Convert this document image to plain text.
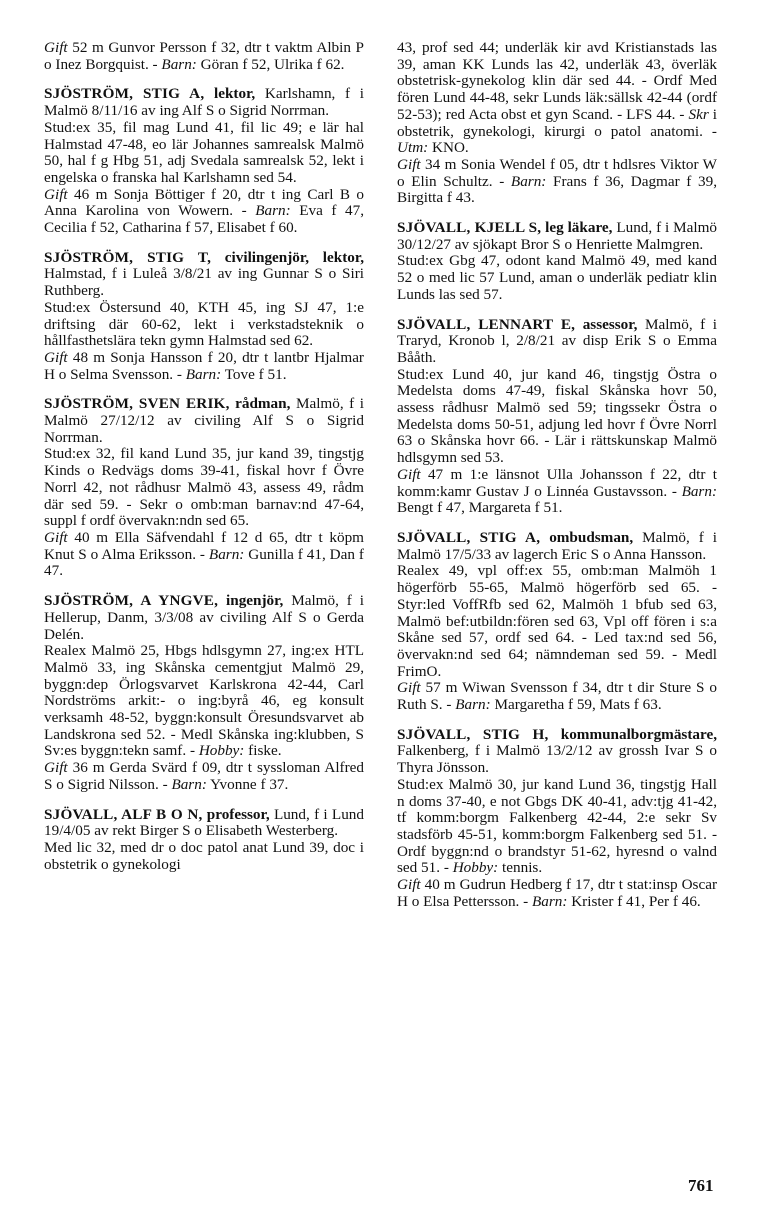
Gift 52 m Gunvor Persson f 32, dtr t vaktm Albin P o Inez Borgquist. - Barn: Göran f 52, Ulrika f 62.

SJÖSTRÖM, STIG A, lektor, Karlshamn, f i Malmö 8/11/16 av ing Alf S o Sigrid Norrman.

Stud:ex 35, fil mag Lund 41, fil lic 49; e lär hal Halmstad 47-48, eo lär Johannes samrealsk Malmö 50, hal f g Hbg 51, adj Svedala samrealsk 52, lekt i engelska o franska hal Karlshamn sed 54.

Gift 46 m Sonja Böttiger f 20, dtr t ing Carl B o Anna Karolina von Wowern. - Barn: Eva f 47, Cecilia f 52, Catharina f 57, Elisabet f 60.

SJÖSTRÖM, STIG T, civilingenjör, lektor, Halmstad, f i Luleå 3/8/21 av ing Gunnar S o Siri Ruthberg.

Stud:ex Östersund 40, KTH 45, ing SJ 47, 1:e driftsing där 60-62, lekt i verkstadsteknik o hållfasthetslära tekn gymn Halmstad sed 62.

Gift 48 m Sonja Hansson f 20, dtr t lantbr Hjalmar H o Selma Svensson. - Barn: Tove f 51.

SJÖSTRÖM, SVEN ERIK, rådman, Malmö, f i Malmö 27/12/12 av civiling Alf S o Sigrid Norrman.

Stud:ex 32, fil kand Lund 35, jur kand 39, tingstjg Kinds o Redvägs doms 39-41, fiskal hovr f Övre Norrl 42, not rådhusr Malmö 43, assess 49, rådm där sed 59. - Sekr o omb:man barnav:nd 47-64, suppl f ordf övervakn:ndn sed 65.

Gift 40 m Ella Säfvendahl f 12 d 65, dtr t köpm Knut S o Alma Eriksson. - Barn: Gunilla f 41, Dan f 47.

SJÖSTRÖM, A YNGVE, ingenjör, Malmö, f i Hellerup, Danm, 3/3/08 av civiling Alf S o Gerda Delén.

Realex Malmö 25, Hbgs hdlsgymn 27, ing:ex HTL Malmö 33, ing Skånska cementgjut Malmö 29, byggn:dep Örlogsvarvet Karlskrona 42-44, Carl Nordströms arkit:- o ing:byrå 46, eg konsult verksamh 48-52, byggn:konsult Öresundsvarvet ab Landskrona sed 52. - Medl Skånska ing:klubben, S Sv:es byggn:tekn samf. - Hobby: fiske.

Gift 36 m Gerda Svärd f 09, dtr t syssloman Alfred S o Sigrid Nilsson. - Barn: Yvonne f 37.

SJÖVALL, ALF B O N, professor, Lund, f i Lund 19/4/05 av rekt Birger S o Elisabeth Westerberg.

Med lic 32, med dr o doc patol anat Lund 39, doc i obstetrik o gynekologi

43, prof sed 44; underläk kir avd Kristianstads las 39, aman KK Lunds las 42, underläk 43, överläk obstetrisk-gynekolog klin där sed 44. - Ordf Med fören Lund 44-48, sekr Lunds läk:sällsk 42-44 (ordf 52-53); red Acta obst et gyn Scand. - LFS 44. - Skr i obstetrik, gynekologi, kirurgi o patol anatomi. - Utm: KNO.

Gift 34 m Sonia Wendel f 05, dtr t hdlsres Viktor W o Elin Schultz. - Barn: Frans f 36, Dagmar f 39, Birgitta f 43.

SJÖVALL, KJELL S, leg läkare, Lund, f i Malmö 30/12/27 av sjökapt Bror S o Henriette Malmgren.

Stud:ex Gbg 47, odont kand Malmö 49, med kand 52 o med lic 57 Lund, aman o underläk pediatr klin Lunds las sed 57.

SJÖVALL, LENNART E, assessor, Malmö, f i Traryd, Kronob l, 2/8/21 av disp Erik S o Emma Bååth.

Stud:ex Lund 40, jur kand 46, tingstjg Östra o Medelsta doms 47-49, fiskal Skånska hovr 50, assess rådhusr Malmö sed 59; tingssekr Östra o Medelsta doms 50-51, adjung led hovr f Övre Norrl 63 o Skånska hovr 66. - Lär i rättskunskap Malmö hdlsgymn sed 53.

Gift 47 m 1:e länsnot Ulla Johansson f 22, dtr t komm:kamr Gustav J o Linnéa Gustavsson. - Barn: Bengt f 47, Margareta f 51.

SJÖVALL, STIG A, ombudsman, Malmö, f i Malmö 17/5/33 av lagerch Eric S o Anna Hansson.

Realex 49, vpl off:ex 55, omb:man Malmöh 1 högerförb 55-65, Malmö högerförb sed 65. - Styr:led VoffRfb sed 62, Malmöh 1 bfub sed 63, Malmö bef:utbildn:fören sed 63, Vpl off fören i s:a Skåne sed 57, ordf sed 64. - Led tax:nd sed 56, övervakn:nd sed 64; nämndeman sed 59. - Medl FrimO.

Gift 57 m Wiwan Svensson f 34, dtr t dir Sture S o Ruth S. - Barn: Margaretha f 59, Mats f 63.

SJÖVALL, STIG H, kommunalborgmästare, Falkenberg, f i Malmö 13/2/12 av grossh Ivar S o Thyra Jönsson.

Stud:ex Malmö 30, jur kand Lund 36, tingstjg Hall n doms 37-40, e not Gbgs DK 40-41, adv:tjg 41-42, tf komm:borgm Falkenberg 42-44, 2:e sekr Sv stadsförb 45-51, komm:borgm Falkenberg sed 51. - Ordf byggn:nd o brandstyr 51-62, hyresnd o valnd sed 51. - Hobby: tennis.

Gift 40 m Gudrun Hedberg f 17, dtr t stat:insp Oscar H o Elsa Pettersson. - Barn: Krister f 41, Per f 46.

761
